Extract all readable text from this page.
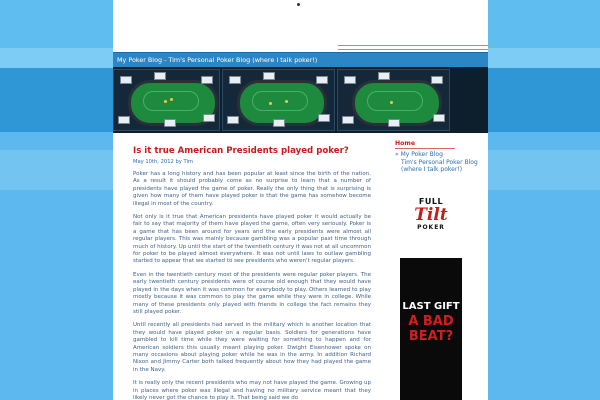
My Poker Blog - Tim's Personal Poker Blog (where I talk poker!)
Is it true American Presidents played poker?
May 10th, 2012 by Tim

Poker has a long history and has been popular at least since the birth of the nation. As a result it should probably come as no surprise to learn that a number of presidents have played the game of poker. Really the only thing that is surprising is given how many of them have played poker is that the game has somehow become illegal in most of the country.

Not only is it true that American presidents have played poker it would actually be fair to say that majority of them have played the game, often very seriously. Poker is a game that has been around for years and the early presidents were almost all regular players. This was mainly because gambling was a popular past time through much of history. Up until the start of the twentieth century it was not at all uncommon for poker to be played almost everywhere. It was not until laws to outlaw gambling started to appear that we started to see presidents who weren't regular players.

Even in the twentieth century most of the presidents were regular poker players. The early twentieth century presidents were of course old enough that they would have played in the days when it was common for everybody to play. Others learned to play mostly because it was common to play the game while they were in college. While many of these presidents only played with friends in college the fact remains they still played poker.

Until recently all presidents had served in the military which is another location that they would have played poker on a regular basis. Soldiers for generations have gambled to kill time while they were waiting for something to happen and for American soldiers this usually meant playing poker. Dwight Eisenhower spoke on many occasions about playing poker while he was in the army. In addition Richard Nixon and Jimmy Carter both talked frequently about how they had played the game in the Navy.

It is really only the recent presidents who may not have played the game. Growing up in places where poker was illegal and having no military service meant that they likely never got the chance to play it. That being said we do

Home
» My Poker Blog
Tim's Personal Poker Blog (where I talk poker!)
FULL
Tilt
POKER
LAST GIFT
A BAD
BEAT?
